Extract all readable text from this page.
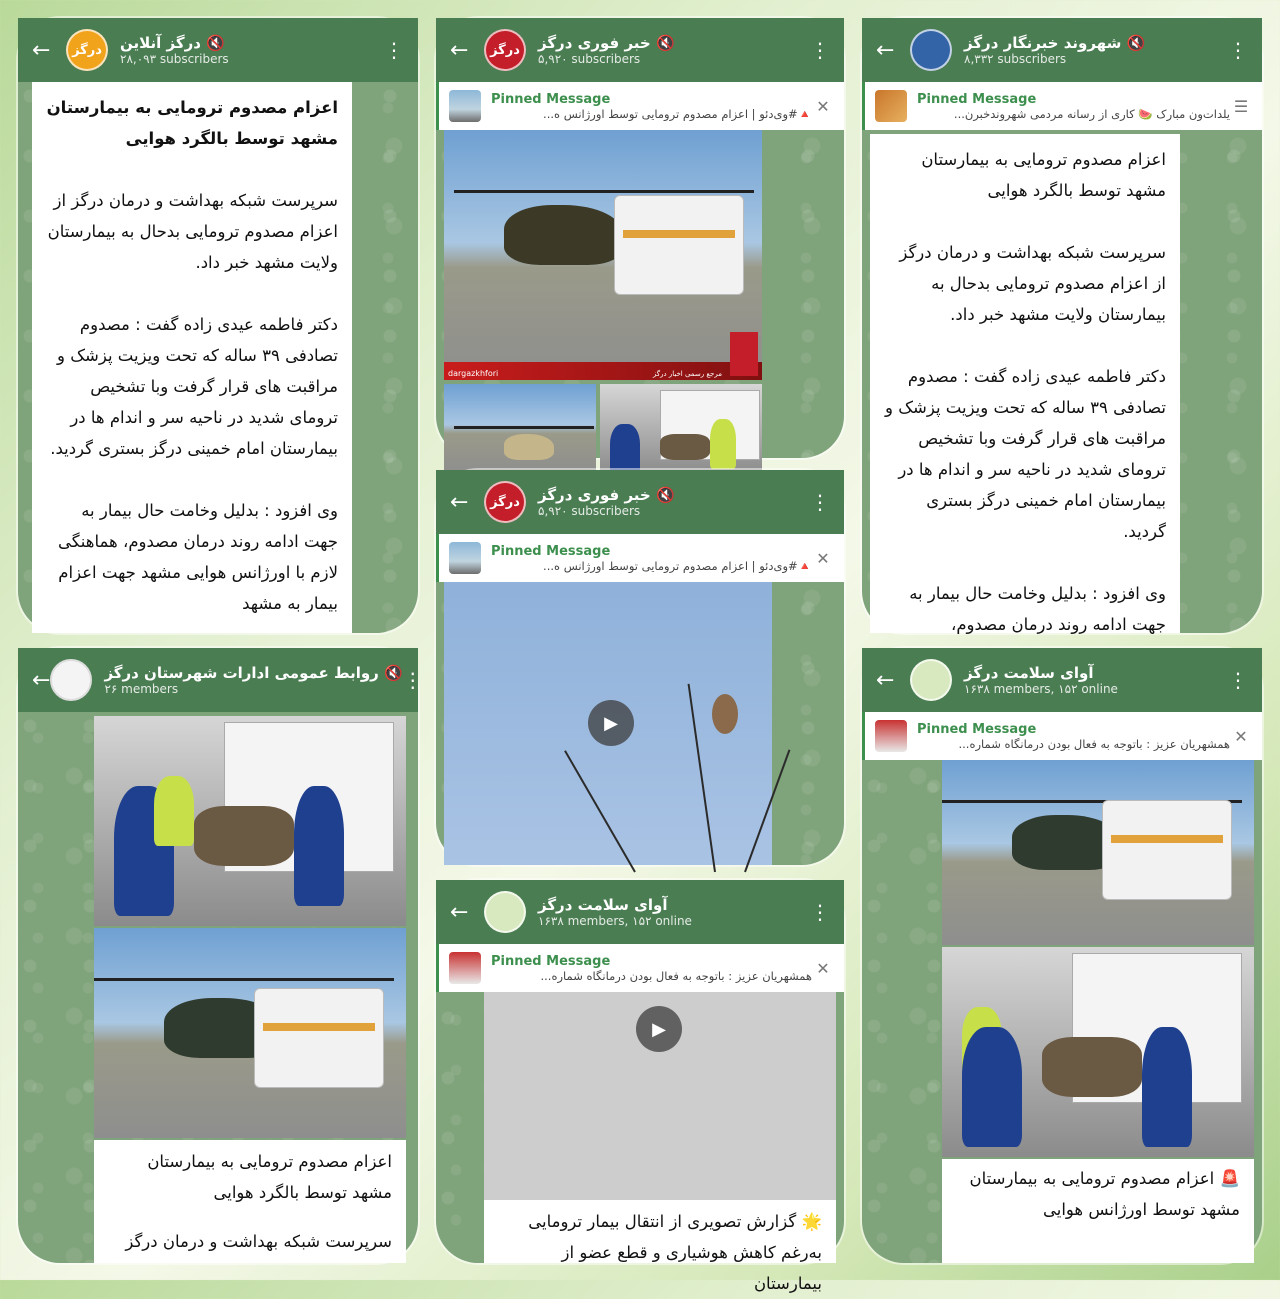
←	درگز	🔇 درگز آنلاین
۲۸,۰۹۳ subscribers	⋮

اعزام مصدوم ترومایی به بیمارستان مشهد توسط بالگرد هوایی

سرپرست شبکه بهداشت و درمان درگز از اعزام مصدوم ترومایی بدحال به بیمارستان ولایت مشهد خبر داد.

دکتر فاطمه عیدی زاده گفت : مصدوم تصادفی ۳۹ ساله که تحت ویزیت پزشک و مراقبت های قرار گرفت وبا تشخیص ترومای شدید در ناحیه سر و اندام ها در بیمارستان امام خمینی درگز بستری گردید.

وی افزود : بدلیل وخامت حال بیمار به جهت ادامه روند درمان مصدوم، هماهنگی لازم با اورژانس هوایی مشهد جهت اعزام بیمار به مشهد

←	درگز	🔇 خبر فوری درگز
۵,۹۲۰ subscribers	⋮
Pinned Message
🔺#وی‌دئو | اعزام مصدوم ترومایی توسط اورژانس ه... ✕
dargazkhfori	مرجع رسمی اخبار درگز
←	🔇 شهروند خبرنگار درگز
۸,۳۳۲ subscribers	⋮
Pinned Message
یلدات‌ون مبارک 🍉 کاری از رسانه مردمی شهروندخبرن... ☰

اعزام مصدوم ترومایی به بیمارستان مشهد توسط بالگرد هوایی

سرپرست شبکه بهداشت و درمان درگز از اعزام مصدوم ترومایی بدحال به بیمارستان ولایت مشهد خبر داد.

دکتر فاطمه عیدی زاده گفت : مصدوم تصادفی ۳۹ ساله که تحت ویزیت پزشک و مراقبت های قرار گرفت وبا تشخیص ترومای شدید در ناحیه سر و اندام ها در بیمارستان امام خمینی درگز بستری گردید.

وی افزود : بدلیل وخامت حال بیمار به جهت ادامه روند درمان مصدوم،

←	درگز	🔇 خبر فوری درگز
۵,۹۲۰ subscribers	⋮
Pinned Message
🔺#وی‌دئو | اعزام مصدوم ترومایی توسط اورژانس ه... ✕
▶
←	🔇 روابط عمومی ادارات شهرستان درگز
۲۶ members	⋮

اعزام مصدوم ترومایی به بیمارستان مشهد توسط بالگرد هوایی

سرپرست شبکه بهداشت و درمان درگز

←	آوای سلامت درگز
۱۶۳۸ members, ۱۵۲ online	⋮
Pinned Message
همشهریان عزیز : باتوجه به فعال بودن درمانگاه شماره... ✕
▶

🌟 گزارش تصویری از انتقال بیمار ترومایی

به‌رغم کاهش هوشیاری و قطع عضو از بیمارستان

←	آوای سلامت درگز
۱۶۳۸ members, ۱۵۲ online	⋮
Pinned Message
همشهریان عزیز : باتوجه به فعال بودن درمانگاه شماره... ✕

🚨 اعزام مصدوم ترومایی به بیمارستان مشهد توسط اورژانس هوایی
